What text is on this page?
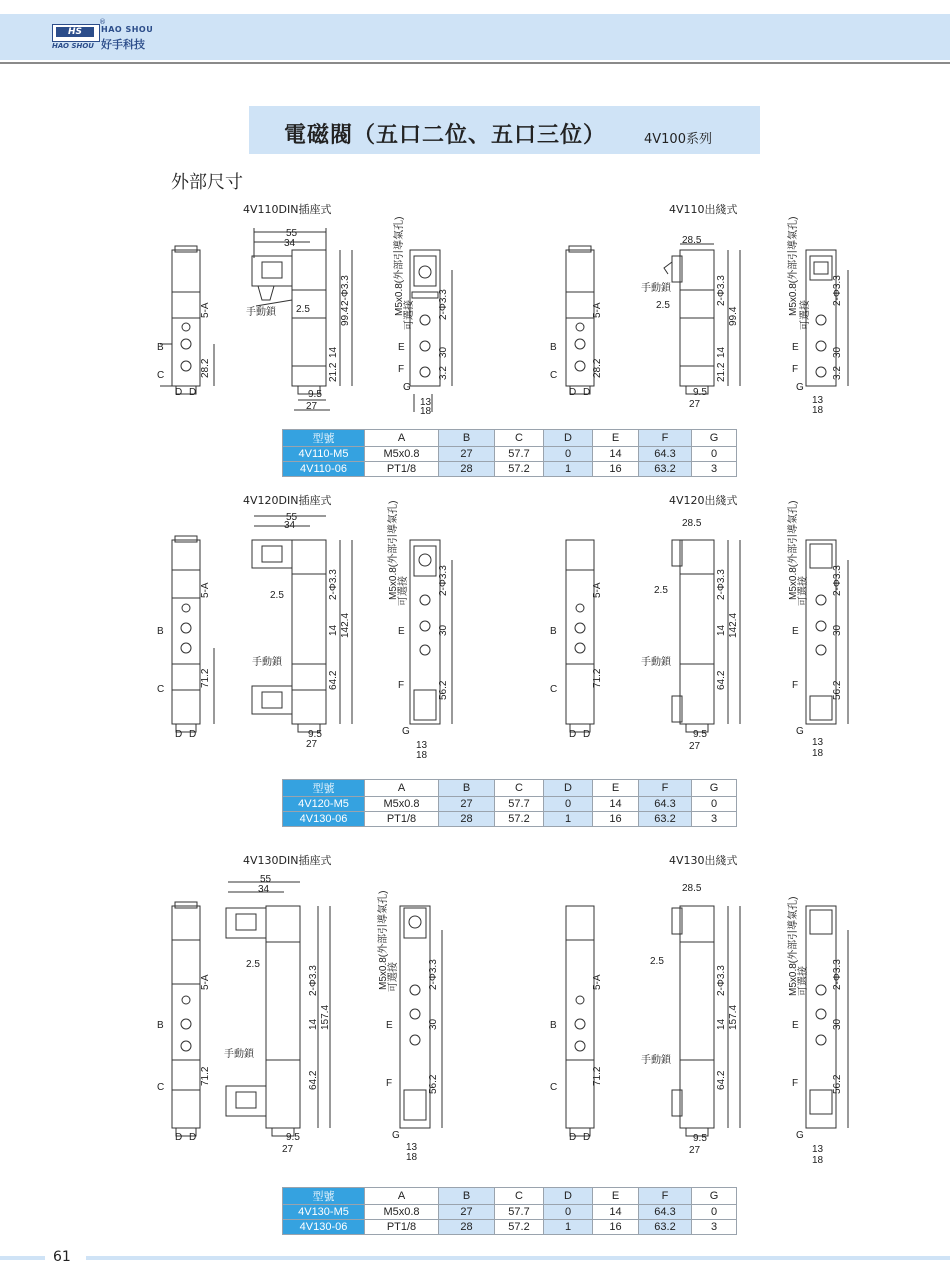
HS
®
HAO SHOU
HAO SHOU 好手科技
電磁閥（五口二位、五口三位）	4V100系列
外部尺寸
4V110DIN插座式	4V110出綫式
4V120DIN插座式	4V120出綫式
4V130DIN插座式	4V130出綫式
55
34
手動鎖 2.5
9.5
27	13
18
28.5
手動鎖
2.5
9.5
27	13
18
B
C
D D
B
C
D D
E
F
G
E
F
G
55
34
2.5
手動鎖
9.5
27	13
18
28.5
2.5
手動鎖
9.5
27	13
18
B
C
D D
B
C
D D
E
F
G
E
F
G
55
34
2.5
手動鎖
9.5
27	13
18
28.5
2.5
手動鎖
9.5
27	13
18
B
C
D D
B
C
D D
E
F
G
E
F
G
5-A
28.2
2-Φ3.3
99.4
14
21.2
M5x0.8(外部引導氣孔) 可選接 2-Φ3.3
30
3.2
5-A
28.2
2-Φ3.3
99.4
14
21.2
M5x0.8(外部引導氣孔) 可選接
2-Φ3.3
30
3.2
5-A
71.2
2-Φ3.3
142.4
14
64.2
M5x0.8(外部引導氣孔) 可選接	2-Φ3.3
30
56.2
5-A
71.2
2-Φ3.3
142.4
14
64.2
M5x0.8(外部引導氣孔) 可選接 2-Φ3.3
30
56.2
5-A
71.2
2-Φ3.3
157.4
14
64.2
M5x0.8(外部引導氣孔) 可選接	2-Φ3.3
30
56.2
5-A
71.2
2-Φ3.3
157.4
14
64.2
M5x0.8(外部引導氣孔) 可選接 2-Φ3.3
30
56.2
型號	A	B	C	D	E	F	G
4V110-M5	M5x0.8	27	57.7	0	14	64.3	0
4V110-06	PT1/8	28	57.2	1	16	63.2	3
型號	A	B	C	D	E	F	G
4V120-M5	M5x0.8	27	57.7	0	14	64.3	0
4V130-06	PT1/8	28	57.2	1	16	63.2	3
型號	A	B	C	D	E	F	G
4V130-M5	M5x0.8	27	57.7	0	14	64.3	0
4V130-06	PT1/8	28	57.2	1	16	63.2	3
61
